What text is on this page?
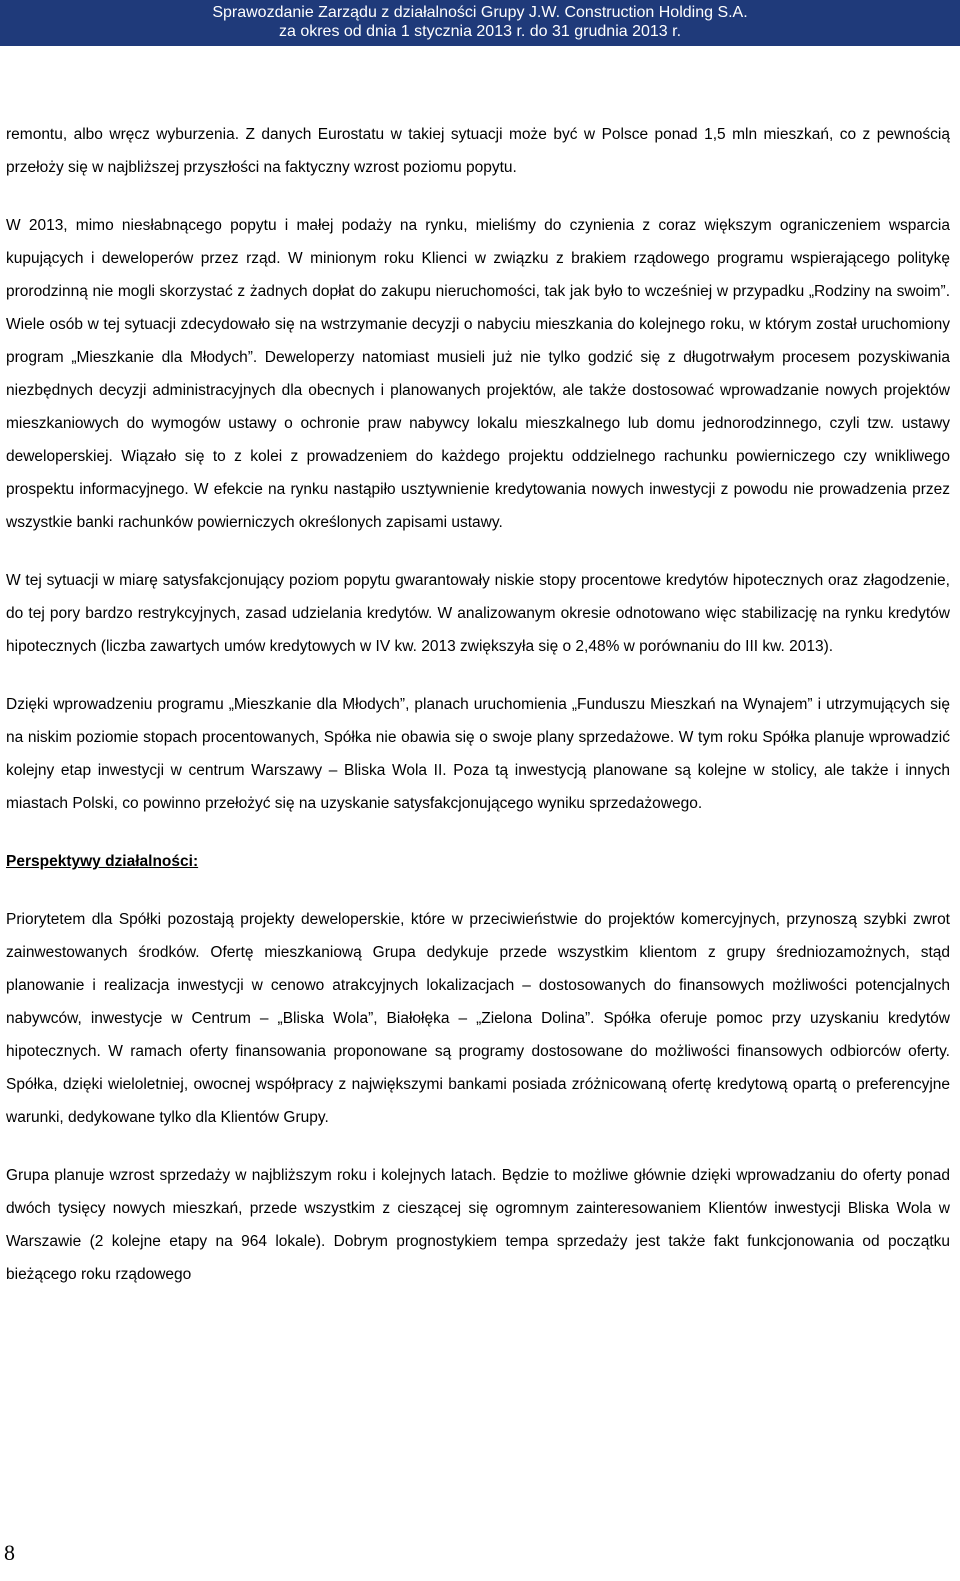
Sprawozdanie Zarządu z działalności Grupy J.W. Construction Holding S.A.
za okres od dnia 1 stycznia 2013 r. do 31 grudnia 2013 r.

remontu, albo wręcz wyburzenia. Z danych Eurostatu w takiej sytuacji może być w Polsce ponad 1,5 mln mieszkań, co z pewnością przełoży się w najbliższej przyszłości na faktyczny wzrost poziomu popytu.

W 2013, mimo niesłabnącego popytu i małej podaży na rynku, mieliśmy do czynienia z coraz większym ograniczeniem wsparcia kupujących i deweloperów przez rząd. W minionym roku Klienci w związku z brakiem rządowego programu wspierającego politykę prorodzinną nie mogli skorzystać z żadnych dopłat do zakupu nieruchomości, tak jak było to wcześniej w przypadku „Rodziny na swoim”. Wiele osób w tej sytuacji zdecydowało się na wstrzymanie decyzji o nabyciu mieszkania do kolejnego roku, w którym został uruchomiony program „Mieszkanie dla Młodych”. Deweloperzy natomiast musieli już nie tylko godzić się z długotrwałym procesem pozyskiwania niezbędnych decyzji administracyjnych dla obecnych i planowanych projektów, ale także dostosować wprowadzanie nowych projektów mieszkaniowych do wymogów ustawy o ochronie praw nabywcy lokalu mieszkalnego lub domu jednorodzinnego, czyli tzw. ustawy deweloperskiej. Wiązało się to z kolei z prowadzeniem do każdego projektu oddzielnego rachunku powierniczego czy wnikliwego prospektu informacyjnego. W efekcie na rynku nastąpiło usztywnienie kredytowania nowych inwestycji z powodu nie prowadzenia przez wszystkie banki rachunków powierniczych określonych zapisami ustawy.

W tej sytuacji w miarę satysfakcjonujący poziom popytu gwarantowały niskie stopy procentowe kredytów hipotecznych oraz złagodzenie, do tej pory bardzo restrykcyjnych, zasad udzielania kredytów. W analizowanym okresie odnotowano więc stabilizację na rynku kredytów hipotecznych (liczba zawartych umów kredytowych w IV kw. 2013 zwiększyła się o 2,48% w porównaniu do III kw. 2013).

Dzięki wprowadzeniu programu „Mieszkanie dla Młodych”, planach uruchomienia „Funduszu Mieszkań na Wynajem” i utrzymujących się na niskim poziomie stopach procentowanych, Spółka nie obawia się o swoje plany sprzedażowe. W tym roku Spółka planuje wprowadzić kolejny etap inwestycji w centrum Warszawy – Bliska Wola II. Poza tą inwestycją planowane są kolejne w stolicy, ale także i innych miastach Polski, co powinno przełożyć się na uzyskanie satysfakcjonującego wyniku sprzedażowego.

Perspektywy działalności:

Priorytetem dla Spółki pozostają projekty deweloperskie, które w przeciwieństwie do projektów komercyjnych, przynoszą szybki zwrot zainwestowanych środków. Ofertę mieszkaniową Grupa dedykuje przede wszystkim klientom z grupy średniozamożnych, stąd planowanie i realizacja inwestycji w cenowo atrakcyjnych lokalizacjach – dostosowanych do finansowych możliwości potencjalnych nabywców, inwestycje w Centrum – „Bliska Wola”, Białołęka – „Zielona Dolina”. Spółka oferuje pomoc przy uzyskaniu kredytów hipotecznych. W ramach oferty finansowania proponowane są programy dostosowane do możliwości finansowych odbiorców oferty. Spółka, dzięki wieloletniej, owocnej współpracy z największymi bankami posiada zróżnicowaną ofertę kredytową opartą o preferencyjne warunki, dedykowane tylko dla Klientów Grupy.

Grupa planuje wzrost sprzedaży w najbliższym roku i kolejnych latach. Będzie to możliwe głównie dzięki wprowadzaniu do oferty ponad dwóch tysięcy nowych mieszkań, przede wszystkim z cieszącej się ogromnym zainteresowaniem Klientów inwestycji Bliska Wola w Warszawie (2 kolejne etapy na 964 lokale). Dobrym prognostykiem tempa sprzedaży jest także fakt funkcjonowania od początku bieżącego roku rządowego

8
